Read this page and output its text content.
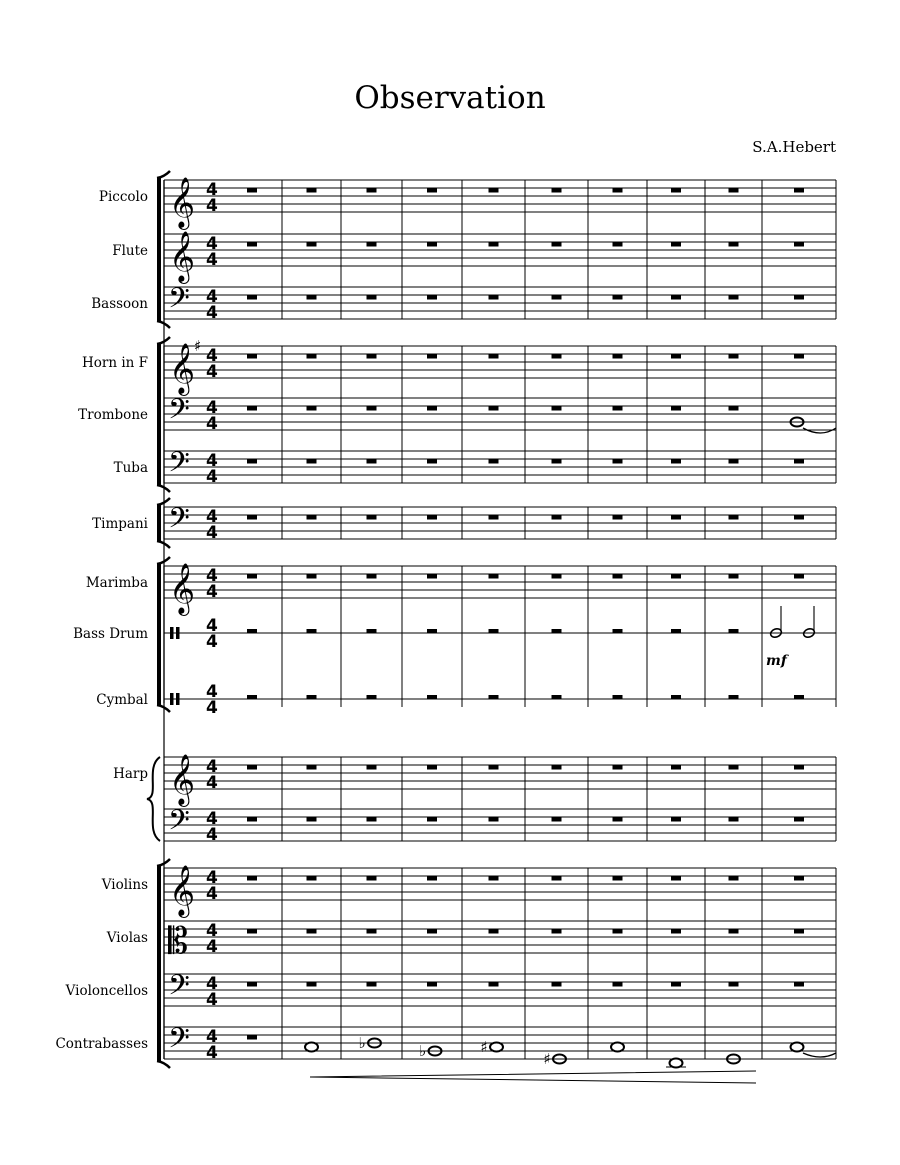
Observation
S.A.Hebert
Piccolo 𝄞 4
4
Flute 𝄞 4
4
Bassoon 𝄢 4
4
Horn in F 𝄞
♯ 4
4
Trombone 𝄢 4
4
Tuba 𝄢 4
4
Timpani 𝄢 4
4
Marimba 𝄞 4
4
Bass Drum	4
4
Cymbal	4
4
Harp 𝄞 4
4
𝄢 4
4
Violins 𝄞 4
4
Violas 𝄡 4
4
Violoncellos 𝄢 4
4
Contrabasses 𝄢 4
4
mf
♭	♭	♯
♯
